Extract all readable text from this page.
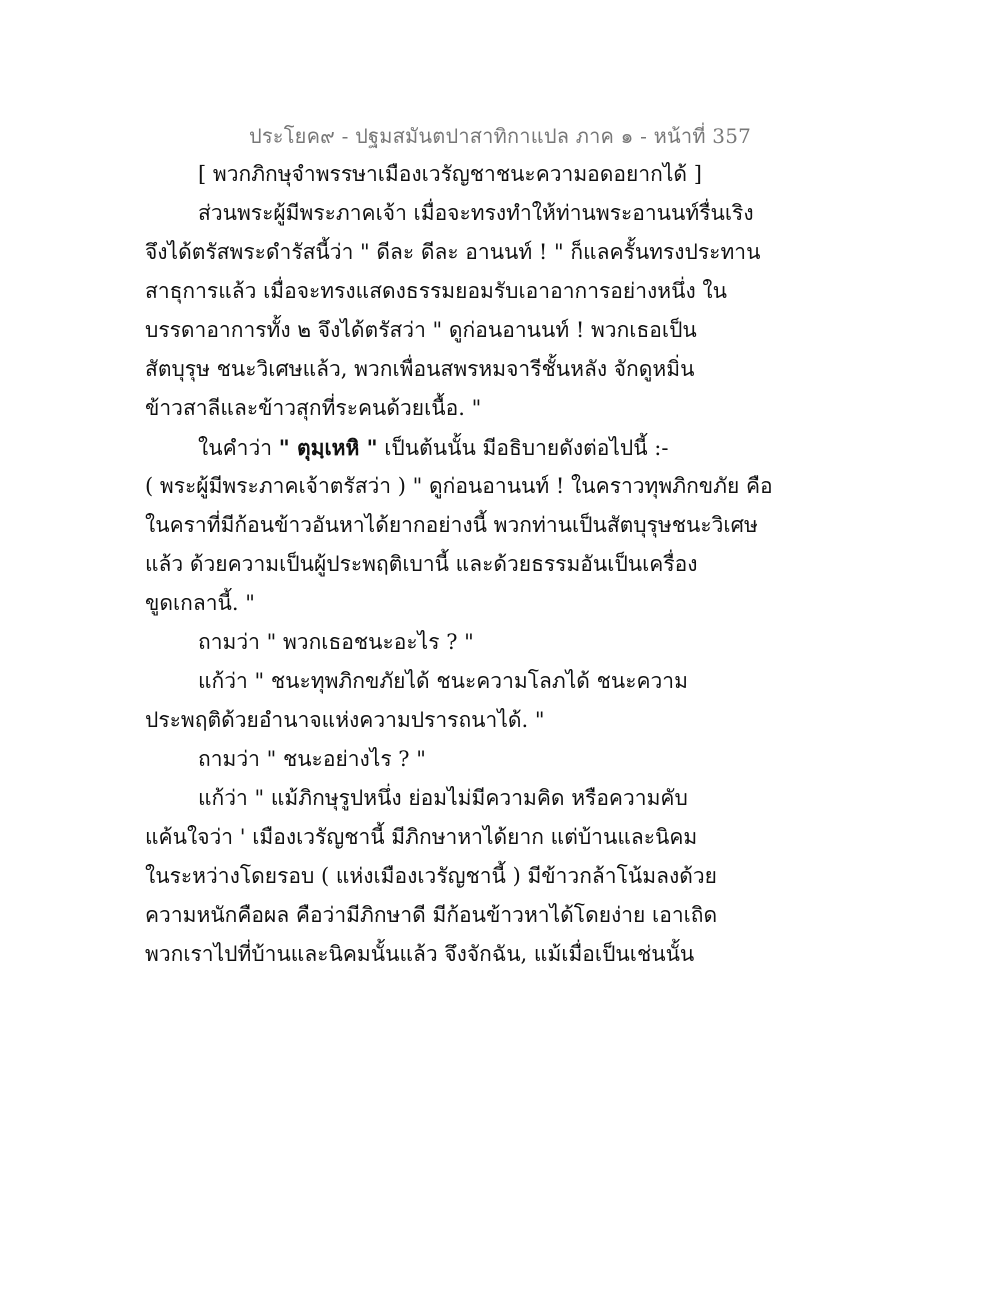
ประโยค๙ - ปฐมสมันตปาสาทิกาแปล ภาค ๑ - หน้าที่ 357
[ พวกภิกษุจำพรรษาเมืองเวรัญชาชนะความอดอยากได้ ]
ส่วนพระผู้มีพระภาคเจ้า เมื่อจะทรงทำให้ท่านพระอานนท์รื่นเริง
จึงได้ตรัสพระดำรัสนี้ว่า " ดีละ ดีละ อานนท์ ! " ก็แลครั้นทรงประทาน
สาธุการแล้ว เมื่อจะทรงแสดงธรรมยอมรับเอาอาการอย่างหนึ่ง ใน
บรรดาอาการทั้ง ๒ จึงได้ตรัสว่า " ดูก่อนอานนท์ ! พวกเธอเป็น
สัตบุรุษ ชนะวิเศษแล้ว, พวกเพื่อนสพรหมจารีชั้นหลัง จักดูหมิ่น
ข้าวสาลีและข้าวสุกที่ระคนด้วยเนื้อ. "
ในคำว่า " ตุมฺเหหิ " เป็นต้นนั้น มีอธิบายดังต่อไปนี้ :-
( พระผู้มีพระภาคเจ้าตรัสว่า ) " ดูก่อนอานนท์ ! ในคราวทุพภิกขภัย คือ
ในคราที่มีก้อนข้าวอันหาได้ยากอย่างนี้ พวกท่านเป็นสัตบุรุษชนะวิเศษ
แล้ว ด้วยความเป็นผู้ประพฤติเบานี้ และด้วยธรรมอันเป็นเครื่อง
ขูดเกลานี้. "
ถามว่า " พวกเธอชนะอะไร ? "
แก้ว่า " ชนะทุพภิกขภัยได้ ชนะความโลภได้ ชนะความ
ประพฤติด้วยอำนาจแห่งความปรารถนาได้. "
ถามว่า " ชนะอย่างไร ? "
แก้ว่า " แม้ภิกษุรูปหนึ่ง ย่อมไม่มีความคิด หรือความคับ
แค้นใจว่า ' เมืองเวรัญชานี้ มีภิกษาหาได้ยาก แต่บ้านและนิคม
ในระหว่างโดยรอบ ( แห่งเมืองเวรัญชานี้ ) มีข้าวกล้าโน้มลงด้วย
ความหนักคือผล คือว่ามีภิกษาดี มีก้อนข้าวหาได้โดยง่าย เอาเถิด
พวกเราไปที่บ้านและนิคมนั้นแล้ว จึงจักฉัน, แม้เมื่อเป็นเช่นนั้น
